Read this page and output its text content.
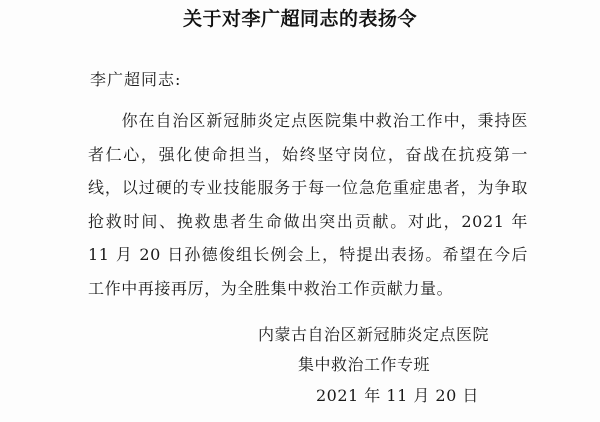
关于对李广超同志的表扬令
李广超同志:

你在自治区新冠肺炎定点医院集中救治工作中，秉持医者仁心，强化使命担当，始终坚守岗位，奋战在抗疫第一线，以过硬的专业技能服务于每一位急危重症患者，为争取抢救时间、挽救患者生命做出突出贡献。对此，2021 年 11 月 20 日孙德俊组长例会上，特提出表扬。希望在今后工作中再接再厉，为全胜集中救治工作贡献力量。

内蒙古自治区新冠肺炎定点医院
集中救治工作专班
2021 年 11 月 20 日
